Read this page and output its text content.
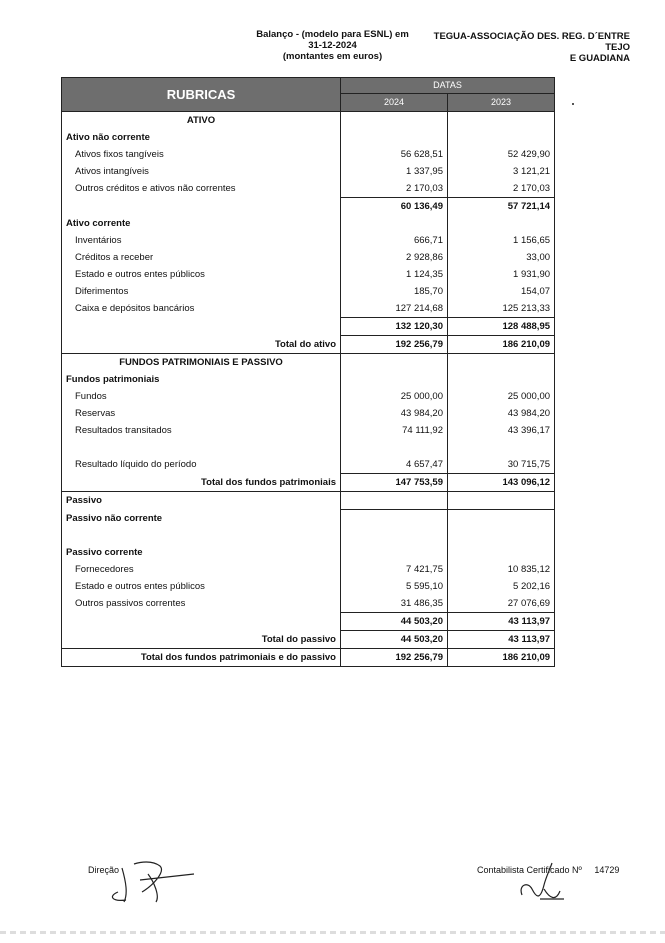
Balanço - (modelo para ESNL) em
31-12-2024
(montantes em euros)
TEGUA-ASSOCIAÇÃO DES. REG. D´ENTRE TEJO
E GUADIANA
RUBRICAS	DATAS	
	2024	2023
ATIVO		
Ativo não corrente		
Ativos fixos tangíveis	56 628,51	52 429,90
Ativos intangíveis	1 337,95	3 121,21
Outros créditos e ativos não correntes	2 170,03	2 170,03
	60 136,49	57 721,14
Ativo corrente		
Inventários	666,71	1 156,65
Créditos a receber	2 928,86	33,00
Estado e outros entes públicos	1 124,35	1 931,90
Diferimentos	185,70	154,07
Caixa e depósitos bancários	127 214,68	125 213,33
	132 120,30	128 488,95
Total do ativo	192 256,79	186 210,09
FUNDOS PATRIMONIAIS E PASSIVO		
Fundos patrimoniais		
Fundos	25 000,00	25 000,00
Reservas	43 984,20	43 984,20
Resultados transitados	74 111,92	43 396,17

Resultado líquido do período	4 657,47	30 715,75
Total dos fundos patrimoniais	147 753,59	143 096,12
Passivo		
Passivo não corrente		

Passivo corrente		
Fornecedores	7 421,75	10 835,12
Estado e outros entes públicos	5 595,10	5 202,16
Outros passivos correntes	31 486,35	27 076,69
	44 503,20	43 113,97
Total do passivo	44 503,20	43 113,97
Total dos fundos patrimoniais e do passivo	192 256,79	186 210,09
Direção	Contabilista Certificado Nº 14729
